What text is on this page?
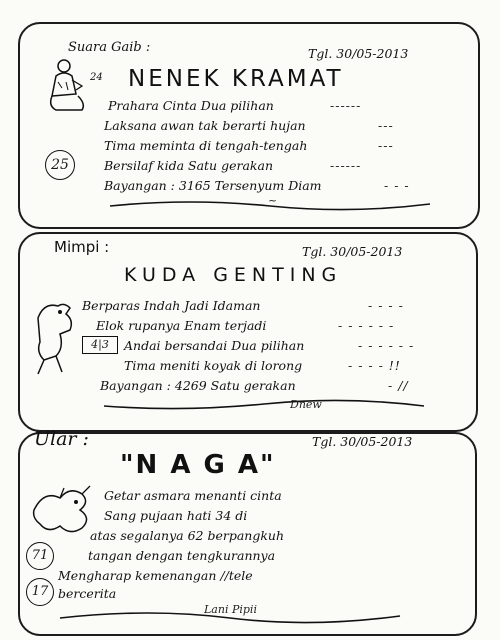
Suara Gaib :	Tgl. 30/05-2013
24 NENEK KRAMAT
Prahara Cinta Dua pilihan	------
Laksana awan tak berarti hujan	---
Tima meminta di tengah-tengah	---
Bersilaf kida Satu gerakan	------
Bayangan : 3165 Tersenyum Diam	- - -
25
~
Mimpi :	Tgl. 30/05-2013
KUDA GENTING
4|3
Berparas Indah Jadi Idaman	- - - -
Elok rupanya Enam terjadi	- - - - - -
Andai bersandai Dua pilihan	- - - - - -
Tima meniti koyak di lorong	- - - - !!
Bayangan : 4269 Satu gerakan	- //
Dnew
Ular :	Tgl. 30/05-2013
"N A G A"
Getar asmara menanti cinta
Sang pujaan hati 34 di
atas segalanya 62 berpangkuh
tangan dengan tengkurannya
Mengharap kemenangan //tele
bercerita
71
17
Lani Pipii
